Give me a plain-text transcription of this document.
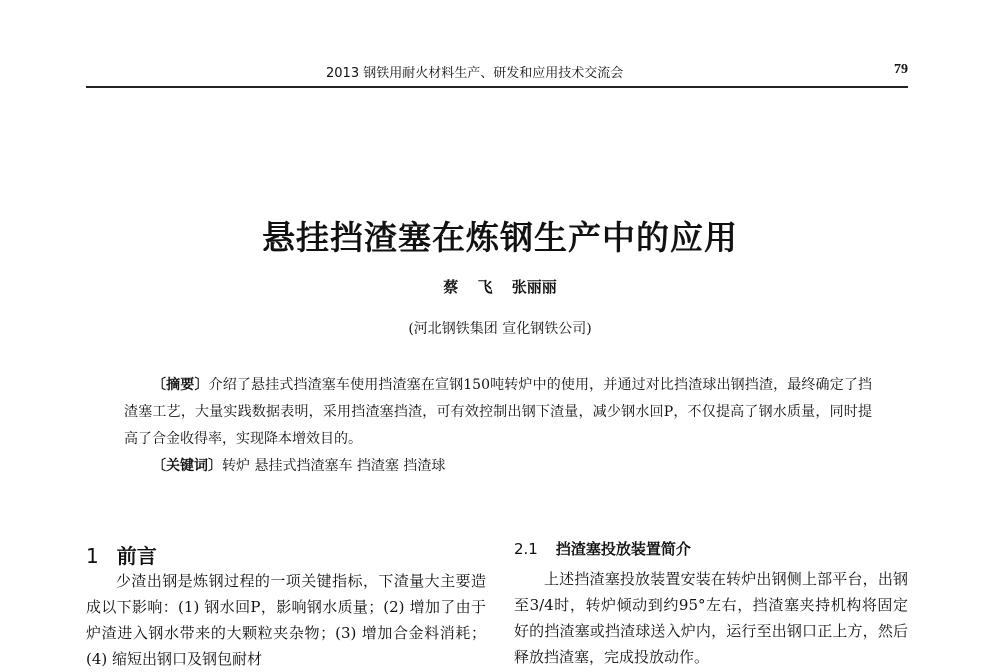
2013 钢铁用耐火材料生产、研发和应用技术交流会	79
悬挂挡渣塞在炼钢生产中的应用
蔡 飞 张丽丽
(河北钢铁集团 宣化钢铁公司)

〔摘要〕介绍了悬挂式挡渣塞车使用挡渣塞在宣钢150吨转炉中的使用，并通过对比挡渣球出钢挡渣，最终确定了挡渣塞工艺，大量实践数据表明，采用挡渣塞挡渣，可有效控制出钢下渣量，减少钢水回P，不仅提高了钢水质量，同时提高了合金收得率，实现降本增效目的。

〔关键词〕转炉 悬挂式挡渣塞车 挡渣塞 挡渣球

1 前言

少渣出钢是炼钢过程的一项关键指标，下渣量大主要造成以下影响：(1) 钢水回P，影响钢水质量；(2) 增加了由于炉渣进入钢水带来的大颗粒夹杂物；(3) 增加合金料消耗；(4) 缩短出钢口及钢包耐材

2.1 挡渣塞投放装置简介

上述挡渣塞投放装置安装在转炉出钢侧上部平台，出钢至3/4时，转炉倾动到约95°左右，挡渣塞夹持机构将固定好的挡渣塞或挡渣球送入炉内，运行至出钢口正上方，然后释放挡渣塞，完成投放动作。
